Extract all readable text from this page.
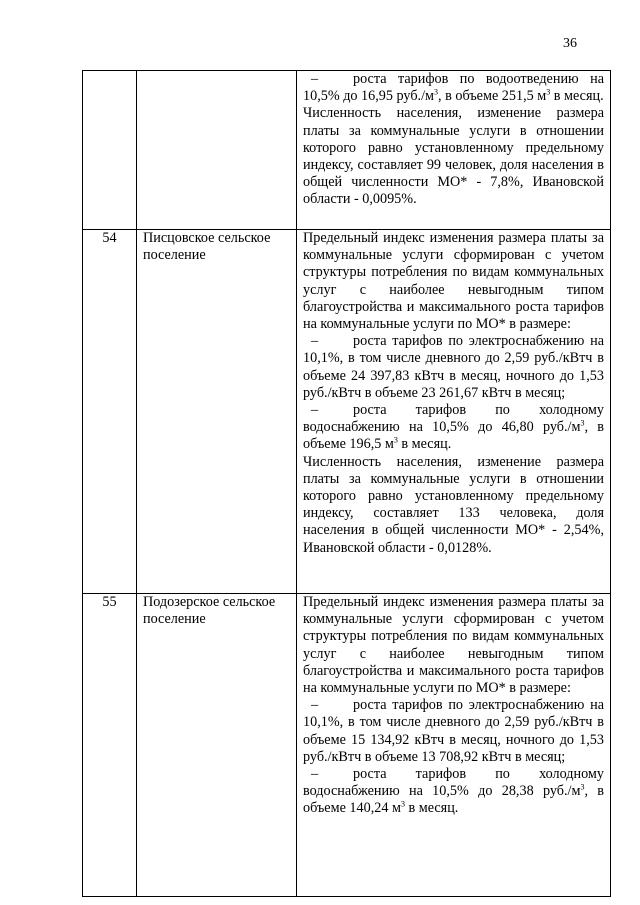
36

		– роста тарифов по водоотведению на 10,5% до 16,95 $руб./м^3$, в объеме 251,5 $м^3$ в месяц.

Численность населения, изменение размера платы за коммунальные услуги в отношении которого равно установленному предельному индексу, составляет 99 человек, доля населения в общей численности МО* - 7,8%, Ивановской области - 0,0095%.

54	Писцовское сельское поселение	Предельный индекс изменения размера платы за коммунальные услуги сформирован с учетом структуры потребления по видам коммунальных услуг с наиболее невыгодным типом благоустройства и максимального роста тарифов на коммунальные услуги по МО* в размере:

– роста тарифов по электроснабжению на 10,1%, в том числе дневного до 2,59 руб./кВтч в объеме 24 397,83 кВтч в месяц, ночного до 1,53 руб./кВтч в объеме 23 261,67 кВтч в месяц;

– роста тарифов по холодному водоснабжению на 10,5% до 46,80 $руб./м^3$, в объеме 196,5 $м^3$ в месяц.

Численность населения, изменение размера платы за коммунальные услуги в отношении которого равно установленному предельному индексу, составляет 133 человека, доля населения в общей численности МО* - 2,54%, Ивановской области - 0,0128%.

55	Подозерское сельское поселение	Предельный индекс изменения размера платы за коммунальные услуги сформирован с учетом структуры потребления по видам коммунальных услуг с наиболее невыгодным типом благоустройства и максимального роста тарифов на коммунальные услуги по МО* в размере:

– роста тарифов по электроснабжению на 10,1%, в том числе дневного до 2,59 руб./кВтч в объеме 15 134,92 кВтч в месяц, ночного до 1,53 руб./кВтч в объеме 13 708,92 кВтч в месяц;

– роста тарифов по холодному водоснабжению на 10,5% до 28,38 $руб./м^3$, в объеме 140,24 $м^3$ в месяц.
